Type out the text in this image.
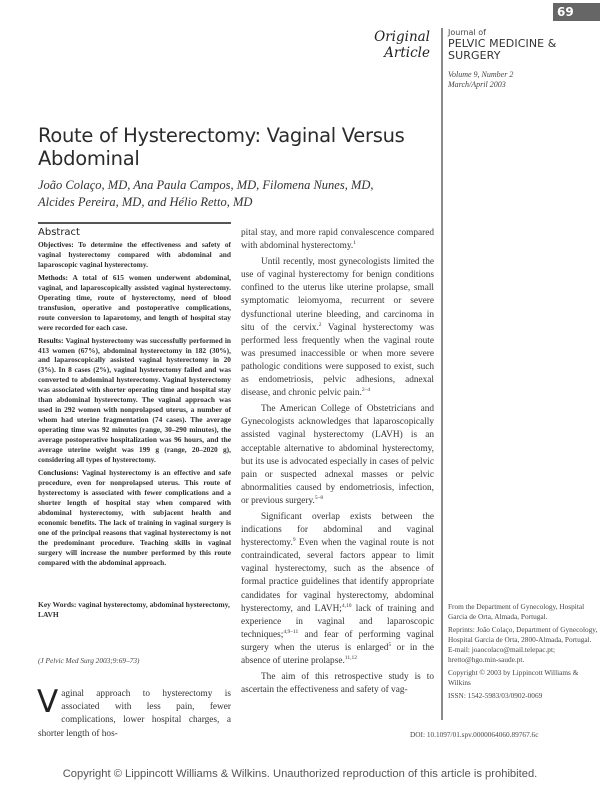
Original Article
Journal of
PELVIC MEDICINE &
SURGERY
69
Volume 9, Number 2
March/April 2003
Route of Hysterectomy: Vaginal Versus Abdominal
João Colaço, MD, Ana Paula Campos, MD, Filomena Nunes, MD,
Alcides Pereira, MD, and Hélio Retto, MD
Abstract

Objectives: To determine the effectiveness and safety of vaginal hysterectomy compared with abdominal and laparoscopic vaginal hysterectomy.

Methods: A total of 615 women underwent abdominal, vaginal, and laparoscopically assisted vaginal hysterectomy. Operating time, route of hysterectomy, need of blood transfusion, operative and postoperative complications, route conversion to laparotomy, and length of hospital stay were recorded for each case.

Results: Vaginal hysterectomy was successfully performed in 413 women (67%), abdominal hysterectomy in 182 (30%), and laparoscopically assisted vaginal hysterectomy in 20 (3%). In 8 cases (2%), vaginal hysterectomy failed and was converted to abdominal hysterectomy. Vaginal hysterectomy was associated with shorter operating time and hospital stay than abdominal hysterectomy. The vaginal approach was used in 292 women with nonprolapsed uterus, a number of whom had uterine fragmentation (74 cases). The average operating time was 92 minutes (range, 30–290 minutes), the average postoperative hospitalization was 96 hours, and the average uterine weight was 199 g (range, 20–2020 g), considering all types of hysterectomy.

Conclusions: Vaginal hysterectomy is an effective and safe procedure, even for nonprolapsed uterus. This route of hysterectomy is associated with fewer complications and a shorter length of hospital stay when compared with abdominal hysterectomy, with subjacent health and economic benefits. The lack of training in vaginal surgery is one of the principal reasons that vaginal hysterectomy is not the predominant procedure. Teaching skills in vaginal surgery will increase the number performed by this route compared with the abdominal approach.

Key Words: vaginal hysterectomy, abdominal hysterectomy, LAVH
(J Pelvic Med Surg 2003;9:69–73)
Vaginal approach to hysterectomy is associated with less pain, fewer complications, lower hospital charges, a shorter length of hos-

pital stay, and more rapid convalescence compared with abdominal hysterectomy.$^1$

Until recently, most gynecologists limited the use of vaginal hysterectomy for benign conditions confined to the uterus like uterine prolapse, small symptomatic leiomyoma, recurrent or severe dysfunctional uterine bleeding, and carcinoma in situ of the cervix.$^2$ Vaginal hysterectomy was performed less frequently when the vaginal route was presumed inaccessible or when more severe pathologic conditions were supposed to exist, such as endometriosis, pelvic adhesions, adnexal disease, and chronic pelvic pain.$^{2-4}$

The American College of Obstetricians and Gynecologists acknowledges that laparoscopically assisted vaginal hysterectomy (LAVH) is an acceptable alternative to abdominal hysterectomy, but its use is advocated especially in cases of pelvic pain or suspected adnexal masses or pelvic abnormalities caused by endometriosis, infection, or previous surgery.$^{5-8}$

Significant overlap exists between the indications for abdominal and vaginal hysterectomy.$^9$ Even when the vaginal route is not contraindicated, several factors appear to limit vaginal hysterectomy, such as the absence of formal practice guidelines that identify appropriate candidates for vaginal hysterectomy, abdominal hysterectomy, and LAVH;$^{4,10}$ lack of training and experience in vaginal and laparoscopic techniques;$^{4,9-11}$ and fear of performing vaginal surgery when the uterus is enlarged$^5$ or in the absence of uterine prolapse.$^{11,12}$

The aim of this retrospective study is to ascertain the effectiveness and safety of vag-

From the Department of Gynecology, Hospital Garcia de Orta, Almada, Portugal.

Reprints: João Colaço, Department of Gynecology, Hospital Garcia de Orta, 2800-Almada, Portugal. E-mail: joaocolaco@mail.telepac.pt; hretto@hgo.min-saude.pt.

Copyright © 2003 by Lippincott Williams & Wilkins

ISSN: 1542-5983/03/0902-0069

DOI: 10.1097/01.spv.0000064060.89767.6c
Copyright © Lippincott Williams & Wilkins. Unauthorized reproduction of this article is prohibited.
